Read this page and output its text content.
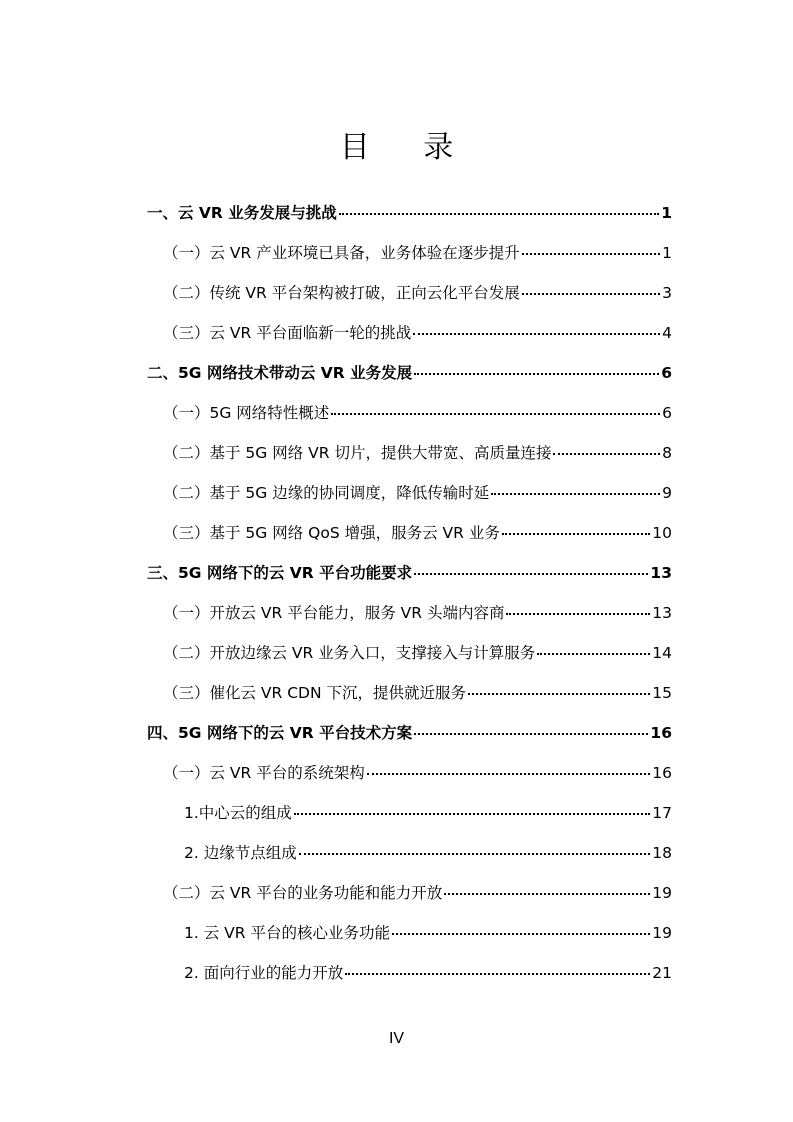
目 录
一、云 VR 业务发展与挑战	1
（一）云 VR 产业环境已具备，业务体验在逐步提升	1
（二）传统 VR 平台架构被打破，正向云化平台发展	3
（三）云 VR 平台面临新一轮的挑战	4
二、5G 网络技术带动云 VR 业务发展	6
（一）5G 网络特性概述	6
（二）基于 5G 网络 VR 切片，提供大带宽、高质量连接	8
（二）基于 5G 边缘的协同调度，降低传输时延	9
（三）基于 5G 网络 QoS 增强，服务云 VR 业务	10
三、5G 网络下的云 VR 平台功能要求	13
（一）开放云 VR 平台能力，服务 VR 头端内容商	13
（二）开放边缘云 VR 业务入口，支撑接入与计算服务	14
（三）催化云 VR CDN 下沉，提供就近服务	15
四、5G 网络下的云 VR 平台技术方案	16
（一）云 VR 平台的系统架构	16
1.中心云的组成	17
2. 边缘节点组成	18
（二）云 VR 平台的业务功能和能力开放	19
1. 云 VR 平台的核心业务功能	19
2. 面向行业的能力开放	21
IV
